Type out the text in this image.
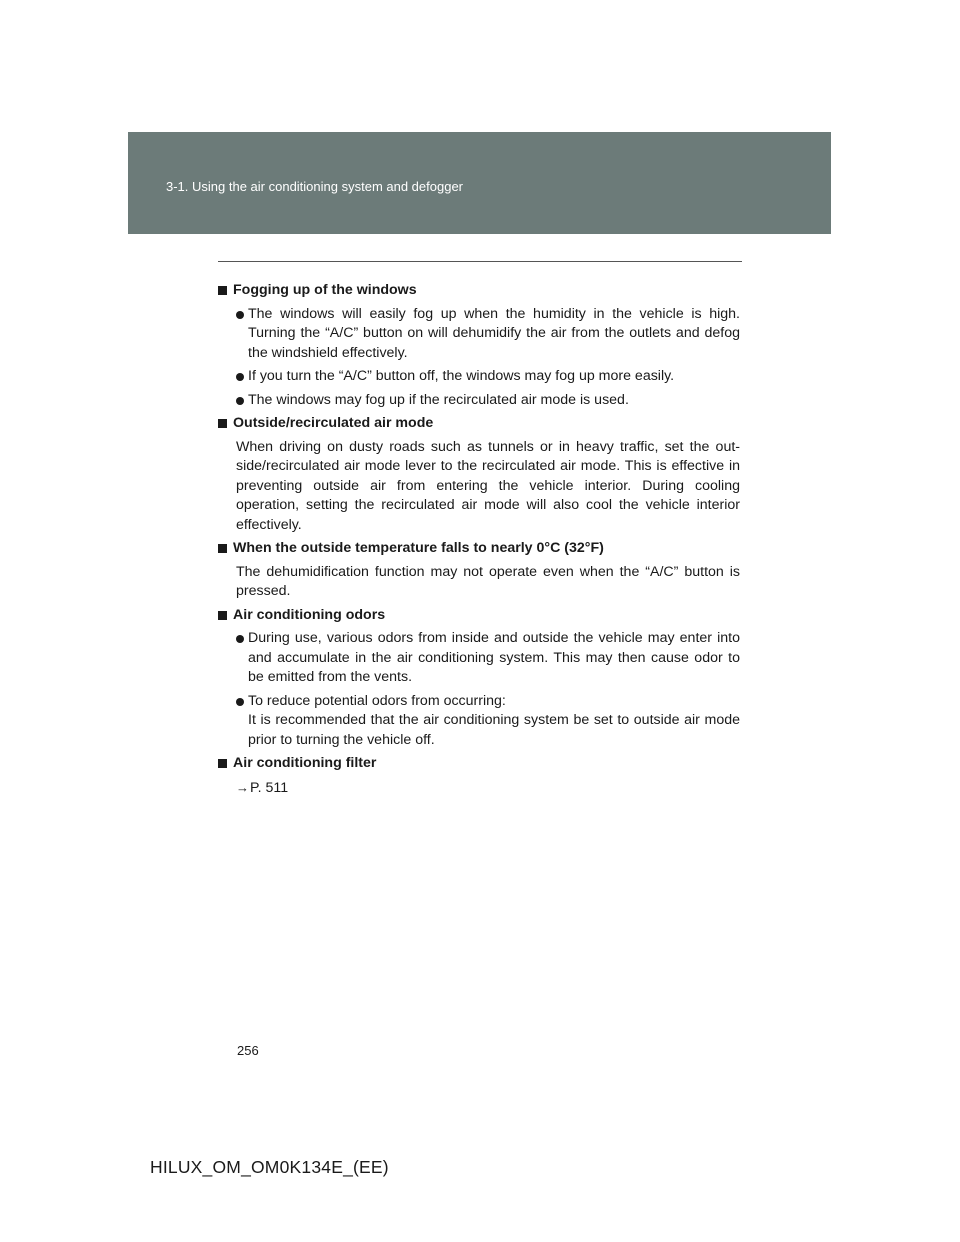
3-1. Using the air conditioning system and defogger
Fogging up of the windows
The windows will easily fog up when the humidity in the vehicle is high. Turning the “A/C” button on will dehumidify the air from the outlets and defog the windshield effectively.
If you turn the “A/C” button off, the windows may fog up more easily.
The windows may fog up if the recirculated air mode is used.
Outside/recirculated air mode
When driving on dusty roads such as tunnels or in heavy traffic, set the out-side/recirculated air mode lever to the recirculated air mode. This is effective in preventing outside air from entering the vehicle interior. During cooling operation, setting the recirculated air mode will also cool the vehicle interior effectively.
When the outside temperature falls to nearly 0°C (32°F)
The dehumidification function may not operate even when the “A/C” button is pressed.
Air conditioning odors
During use, various odors from inside and outside the vehicle may enter into and accumulate in the air conditioning system. This may then cause odor to be emitted from the vents.
To reduce potential odors from occurring:
It is recommended that the air conditioning system be set to outside air mode prior to turning the vehicle off.
Air conditioning filter
→P. 511
256
HILUX_OM_OM0K134E_(EE)
